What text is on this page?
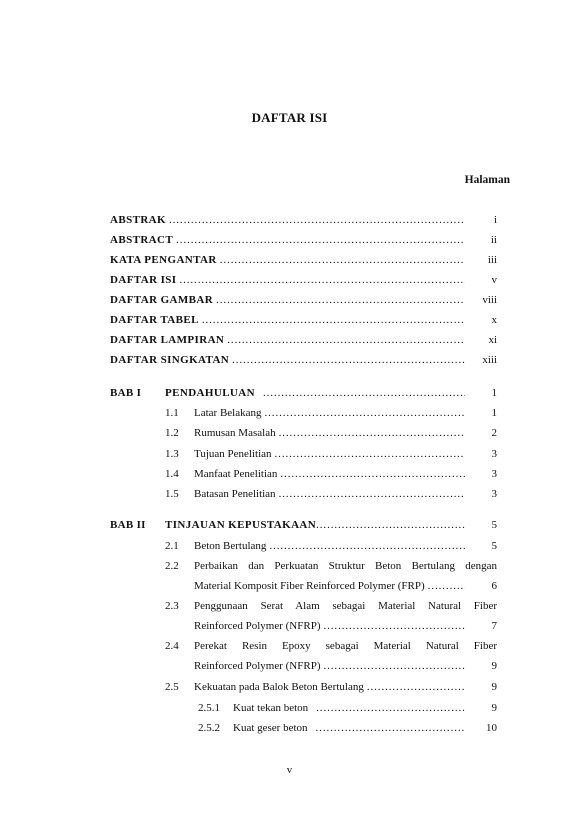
DAFTAR ISI
Halaman
ABSTRAK .....	i
ABSTRACT .....	ii
KATA PENGANTAR .....	iii
DAFTAR ISI .....	v
DAFTAR GAMBAR .....	viii
DAFTAR TABEL .....	x
DAFTAR LAMPIRAN .....	xi
DAFTAR SINGKATAN .....	xiii
BAB I PENDAHULUAN .....	1
1.1 Latar Belakang .....	1
1.2 Rumusan Masalah .....	2
1.3 Tujuan Penelitian .....	3
1.4 Manfaat Penelitian .....	3
1.5 Batasan Penelitian .....	3
BAB II TINJAUAN KEPUSTAKAAN .....	5
2.1 Beton Bertulang .....	5
2.2 Perbaikan dan Perkuatan Struktur Beton Bertulang dengan
Material Komposit Fiber Reinforced Polymer (FRP) .....	6
2.3 Penggunaan Serat Alam sebagai Material Natural Fiber
Reinforced Polymer (NFRP) .....	7
2.4 Perekat Resin Epoxy sebagai Material Natural Fiber
Reinforced Polymer (NFRP) .....	9
2.5 Kekuatan pada Balok Beton Bertulang .....	9
2.5.1 Kuat tekan beton .....	9
2.5.2 Kuat geser beton .....	10
v
